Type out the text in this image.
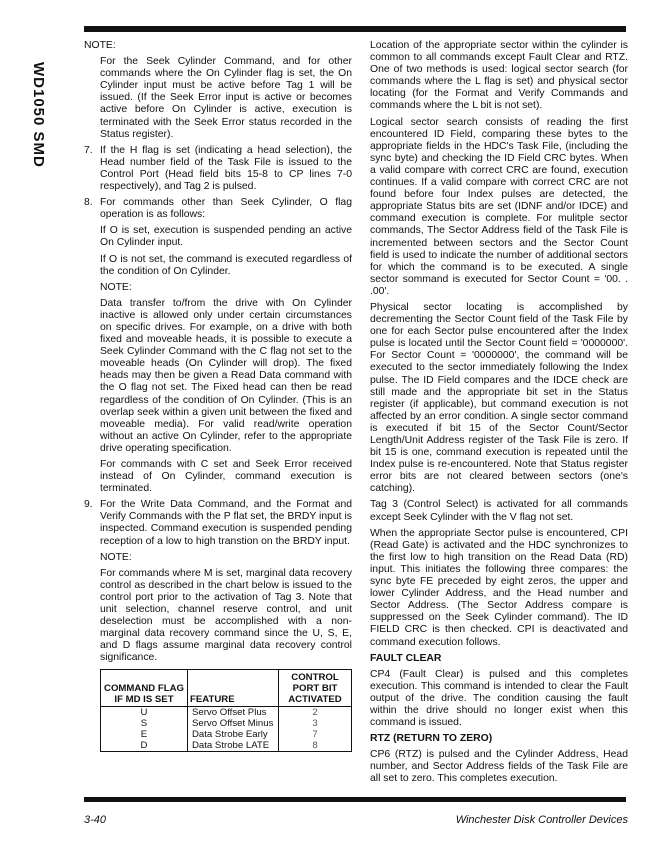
WD1050 SMD

NOTE:

For the Seek Cylinder Command, and for other commands where the On Cylinder flag is set, the On Cylinder input must be active before Tag 1 will be issued. (If the Seek Error input is active or becomes active before On Cylinder is active, execution is terminated with the Seek Error status recorded in the Status register).

7. If the H flag is set (indicating a head selection), the Head number field of the Task File is issued to the Control Port (Head field bits 15-8 to CP lines 7-0 respectively), and Tag 2 is pulsed.
8. For commands other than Seek Cylinder, O flag operation is as follows:

If O is set, execution is suspended pending an active On Cylinder input.

If O is not set, the command is executed regardless of the condition of On Cylinder.

NOTE:

Data transfer to/from the drive with On Cylinder inactive is allowed only under certain circumstances on specific drives. For example, on a drive with both fixed and moveable heads, it is possible to execute a Seek Cylinder Command with the C flag not set to the moveable heads (On Cylinder will drop). The fixed heads may then be given a Read Data command with the O flag not set. The Fixed head can then be read regardless of the condition of On Cylinder. (This is an overlap seek within a given unit between the fixed and moveable media). For valid read/write operation without an active On Cylinder, refer to the appropriate drive operating specification.

For commands with C set and Seek Error received instead of On Cylinder, command execution is terminated.

9. For the Write Data Command, and the Format and Verify Commands with the P flat set, the BRDY input is inspected. Command execution is suspended pending reception of a low to high transtion on the BRDY input.

NOTE:

For commands where M is set, marginal data recovery control as described in the chart below is issued to the control port prior to the activation of Tag 3. Note that unit selection, channel reserve control, and unit deselection must be accomplished with a non-marginal data recovery command since the U, S, E, and D flags assume marginal data recovery control significance.

COMMAND FLAG IF MD IS SET	FEATURE	CONTROL PORT BIT ACTIVATED
U	Servo Offset Plus	2
S	Servo Offset Minus	3
E	Data Strobe Early	7
D	Data Strobe LATE	8

Location of the appropriate sector within the cylinder is common to all commands except Fault Clear and RTZ. One of two methods is used: logical sector search (for commands where the L flag is set) and physical sector locating (for the Format and Verify Commands and commands where the L bit is not set).

Logical sector search consists of reading the first encountered ID Field, comparing these bytes to the appropriate fields in the HDC's Task File, (including the sync byte) and checking the ID Field CRC bytes. When a valid compare with correct CRC are found, execution continues. If a valid compare with correct CRC are not found before four Index pulses are detected, the appropriate Status bits are set (IDNF and/or IDCE) and command execution is complete. For mulitple sector commands, The Sector Address field of the Task File is incremented between sectors and the Sector Count field is used to indicate the number of additional sectors for which the command is to be executed. A single sector sommand is executed for Sector Count = '00. . .00'.

Physical sector locating is accomplished by decrementing the Sector Count field of the Task File by one for each Sector pulse encountered after the Index pulse is located until the Sector Count field = '0000000'. For Sector Count = '0000000', the command will be executed to the sector immediately following the Index pulse. The ID Field compares and the IDCE check are still made and the appropriate bit set in the Status register (if applicable), but command execution is not affected by an error condition. A single sector command is executed if bit 15 of the Sector Count/Sector Length/Unit Address register of the Task File is zero. If bit 15 is one, command execution is repeated until the Index pulse is re-encountered. Note that Status register error bits are not cleared between sectors (one's catching).

Tag 3 (Control Select) is activated for all commands except Seek Cylinder with the V flag not set.

When the appropriate Sector pulse is encountered, CPI (Read Gate) is activated and the HDC synchronizes to the first low to high transition on the Read Data (RD) input. This initiates the following three compares: the sync byte FE preceded by eight zeros, the upper and lower Cylinder Address, and the Head number and Sector Address. (The Sector Address compare is suppressed on the Seek Cylinder command). The ID FIELD CRC is then checked. CPI is deactivated and command execution follows.

FAULT CLEAR

CP4 (Fault Clear) is pulsed and this completes execution. This command is intended to clear the Fault output of the drive. The condition causing the fault within the drive should no longer exist when this command is issued.

RTZ (RETURN TO ZERO)

CP6 (RTZ) is pulsed and the Cylinder Address, Head number, and Sector Address fields of the Task File are all set to zero. This completes execution.

3-40	Winchester Disk Controller Devices
